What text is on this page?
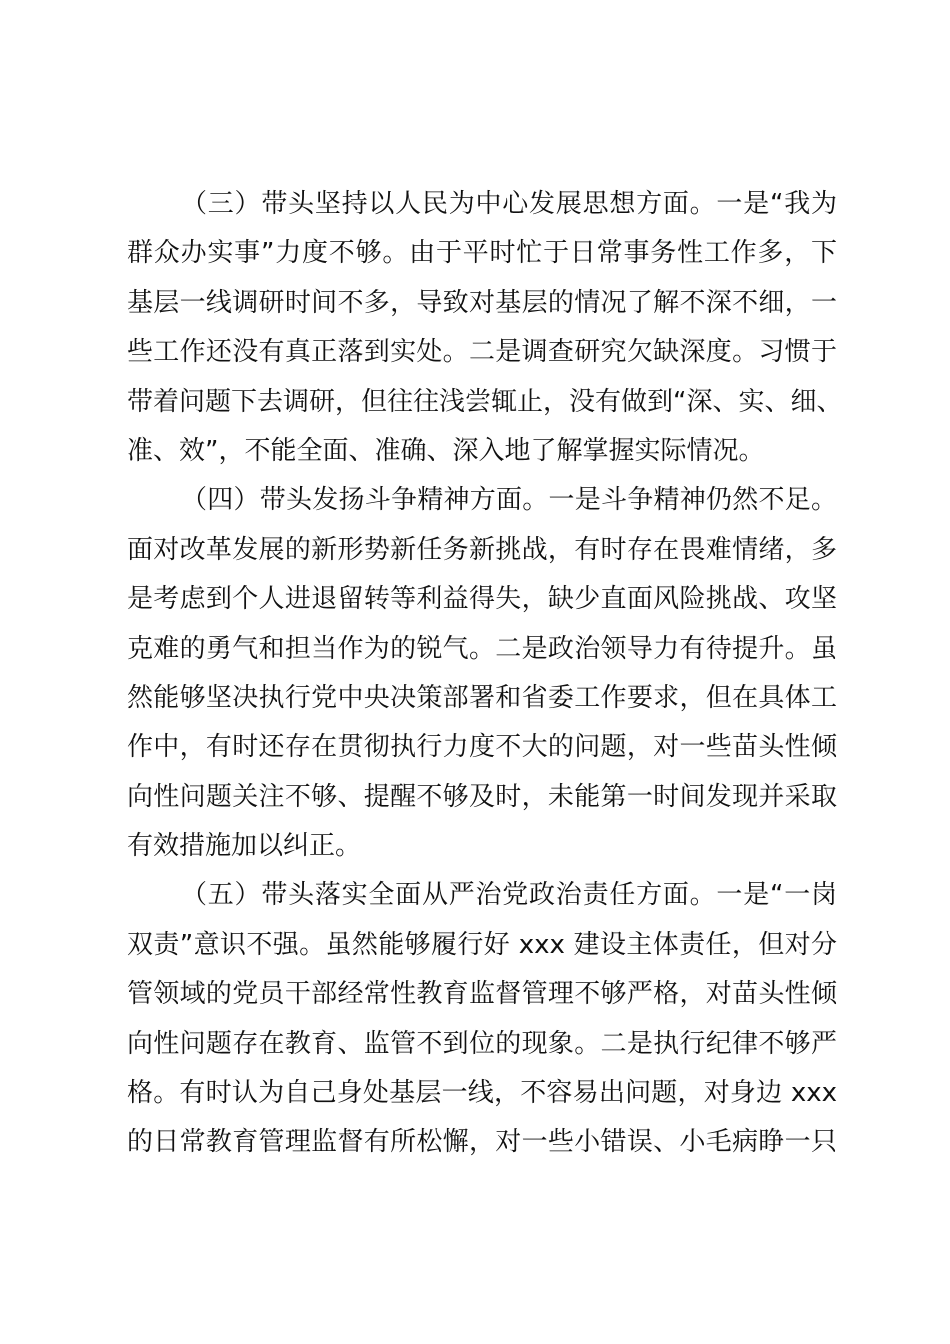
（三）带头坚持以人民为中心发展思想方面。一是“我为
群众办实事”力度不够。由于平时忙于日常事务性工作多，下
基层一线调研时间不多，导致对基层的情况了解不深不细，一
些工作还没有真正落到实处。二是调查研究欠缺深度。习惯于
带着问题下去调研，但往往浅尝辄止，没有做到“深、实、细、
准、效”，不能全面、准确、深入地了解掌握实际情况。
（四）带头发扬斗争精神方面。一是斗争精神仍然不足。
面对改革发展的新形势新任务新挑战，有时存在畏难情绪，多
是考虑到个人进退留转等利益得失，缺少直面风险挑战、攻坚
克难的勇气和担当作为的锐气。二是政治领导力有待提升。虽
然能够坚决执行党中央决策部署和省委工作要求，但在具体工
作中，有时还存在贯彻执行力度不大的问题，对一些苗头性倾
向性问题关注不够、提醒不够及时，未能第一时间发现并采取
有效措施加以纠正。
（五）带头落实全面从严治党政治责任方面。一是“一岗
双责”意识不强。虽然能够履行好 xxx 建设主体责任，但对分
管领域的党员干部经常性教育监督管理不够严格，对苗头性倾
向性问题存在教育、监管不到位的现象。二是执行纪律不够严
格。有时认为自己身处基层一线，不容易出问题，对身边 xxx
的日常教育管理监督有所松懈，对一些小错误、小毛病睁一只
